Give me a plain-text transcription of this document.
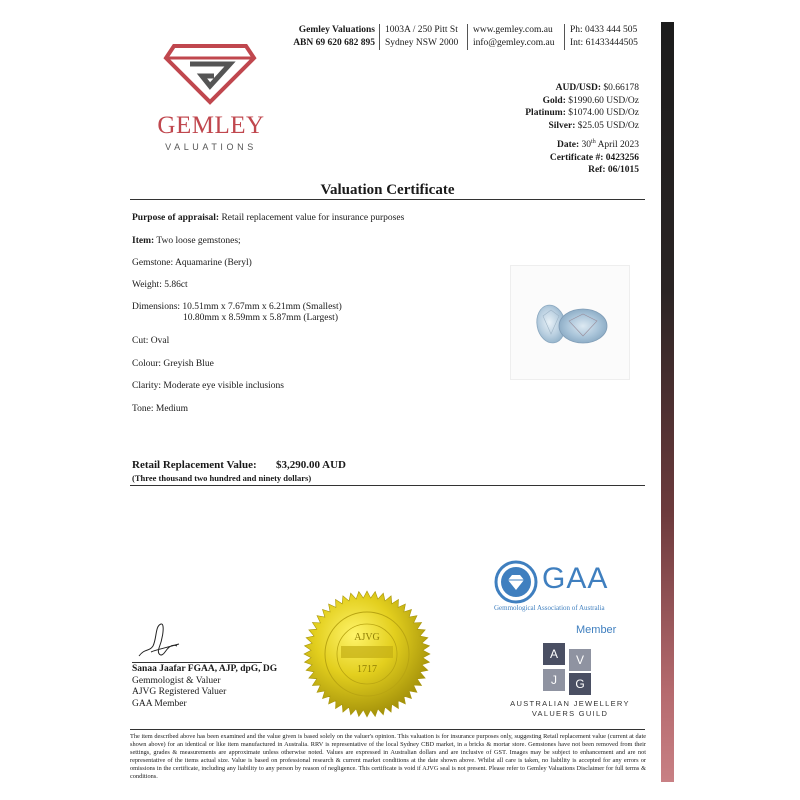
Gemley Valuations
ABN 69 620 682 895
1003A / 250 Pitt St
Sydney NSW 2000
www.gemley.com.au
info@gemley.com.au
Ph: 0433 444 505
Int: 61433444505
GEMLEY
VALUATIONS
AUD/USD: $0.66178
Gold: $1990.60 USD/Oz
Platinum: $1074.00 USD/Oz
Silver: $25.05 USD/Oz
Date: 30th April 2023
Certificate #: 0423256
Ref: 06/1015
Valuation Certificate
Purpose of appraisal: Retail replacement value for insurance purposes
Item: Two loose gemstones;
Gemstone: Aquamarine (Beryl)
Weight: 5.86ct
Dimensions: 10.51mm x 7.67mm x 6.21mm (Smallest)
10.80mm x 8.59mm x 5.87mm (Largest)
Cut: Oval
Colour: Greyish Blue
Clarity: Moderate eye visible inclusions
Tone: Medium
Retail Replacement Value: $3,290.00 AUD
(Three thousand two hundred and ninety dollars)
GAA
Gemmological Association of Australia
Member
A	V
J	G
AUSTRALIAN JEWELLERY
VALUERS GUILD
Sanaa Jaafar FGAA, AJP, dpG, DG
Gemmologist & Valuer
AJVG Registered Valuer
GAA Member
AJVG
1717
The item described above has been examined and the value given is based solely on the valuer's opinion. This valuation is for insurance purposes only, suggesting Retail replacement value (current at date shown above) for an identical or like item manufactured in Australia. RRV is representative of the local Sydney CBD market, in a bricks & mortar store. Gemstones have not been removed from their settings, grades & measurements are approximate unless otherwise noted. Values are expressed in Australian dollars and are inclusive of GST. Images may be subject to enhancement and are not representative of the items actual size. Value is based on professional research & current market conditions at the date shown above. Whilst all care is taken, no liability is accepted for any errors or omissions in the certificate, including any liability to any person by reason of negligence. This certificate is void if AJVG seal is not present. Please refer to Gemley Valuations Disclaimer for full terms & conditions.
